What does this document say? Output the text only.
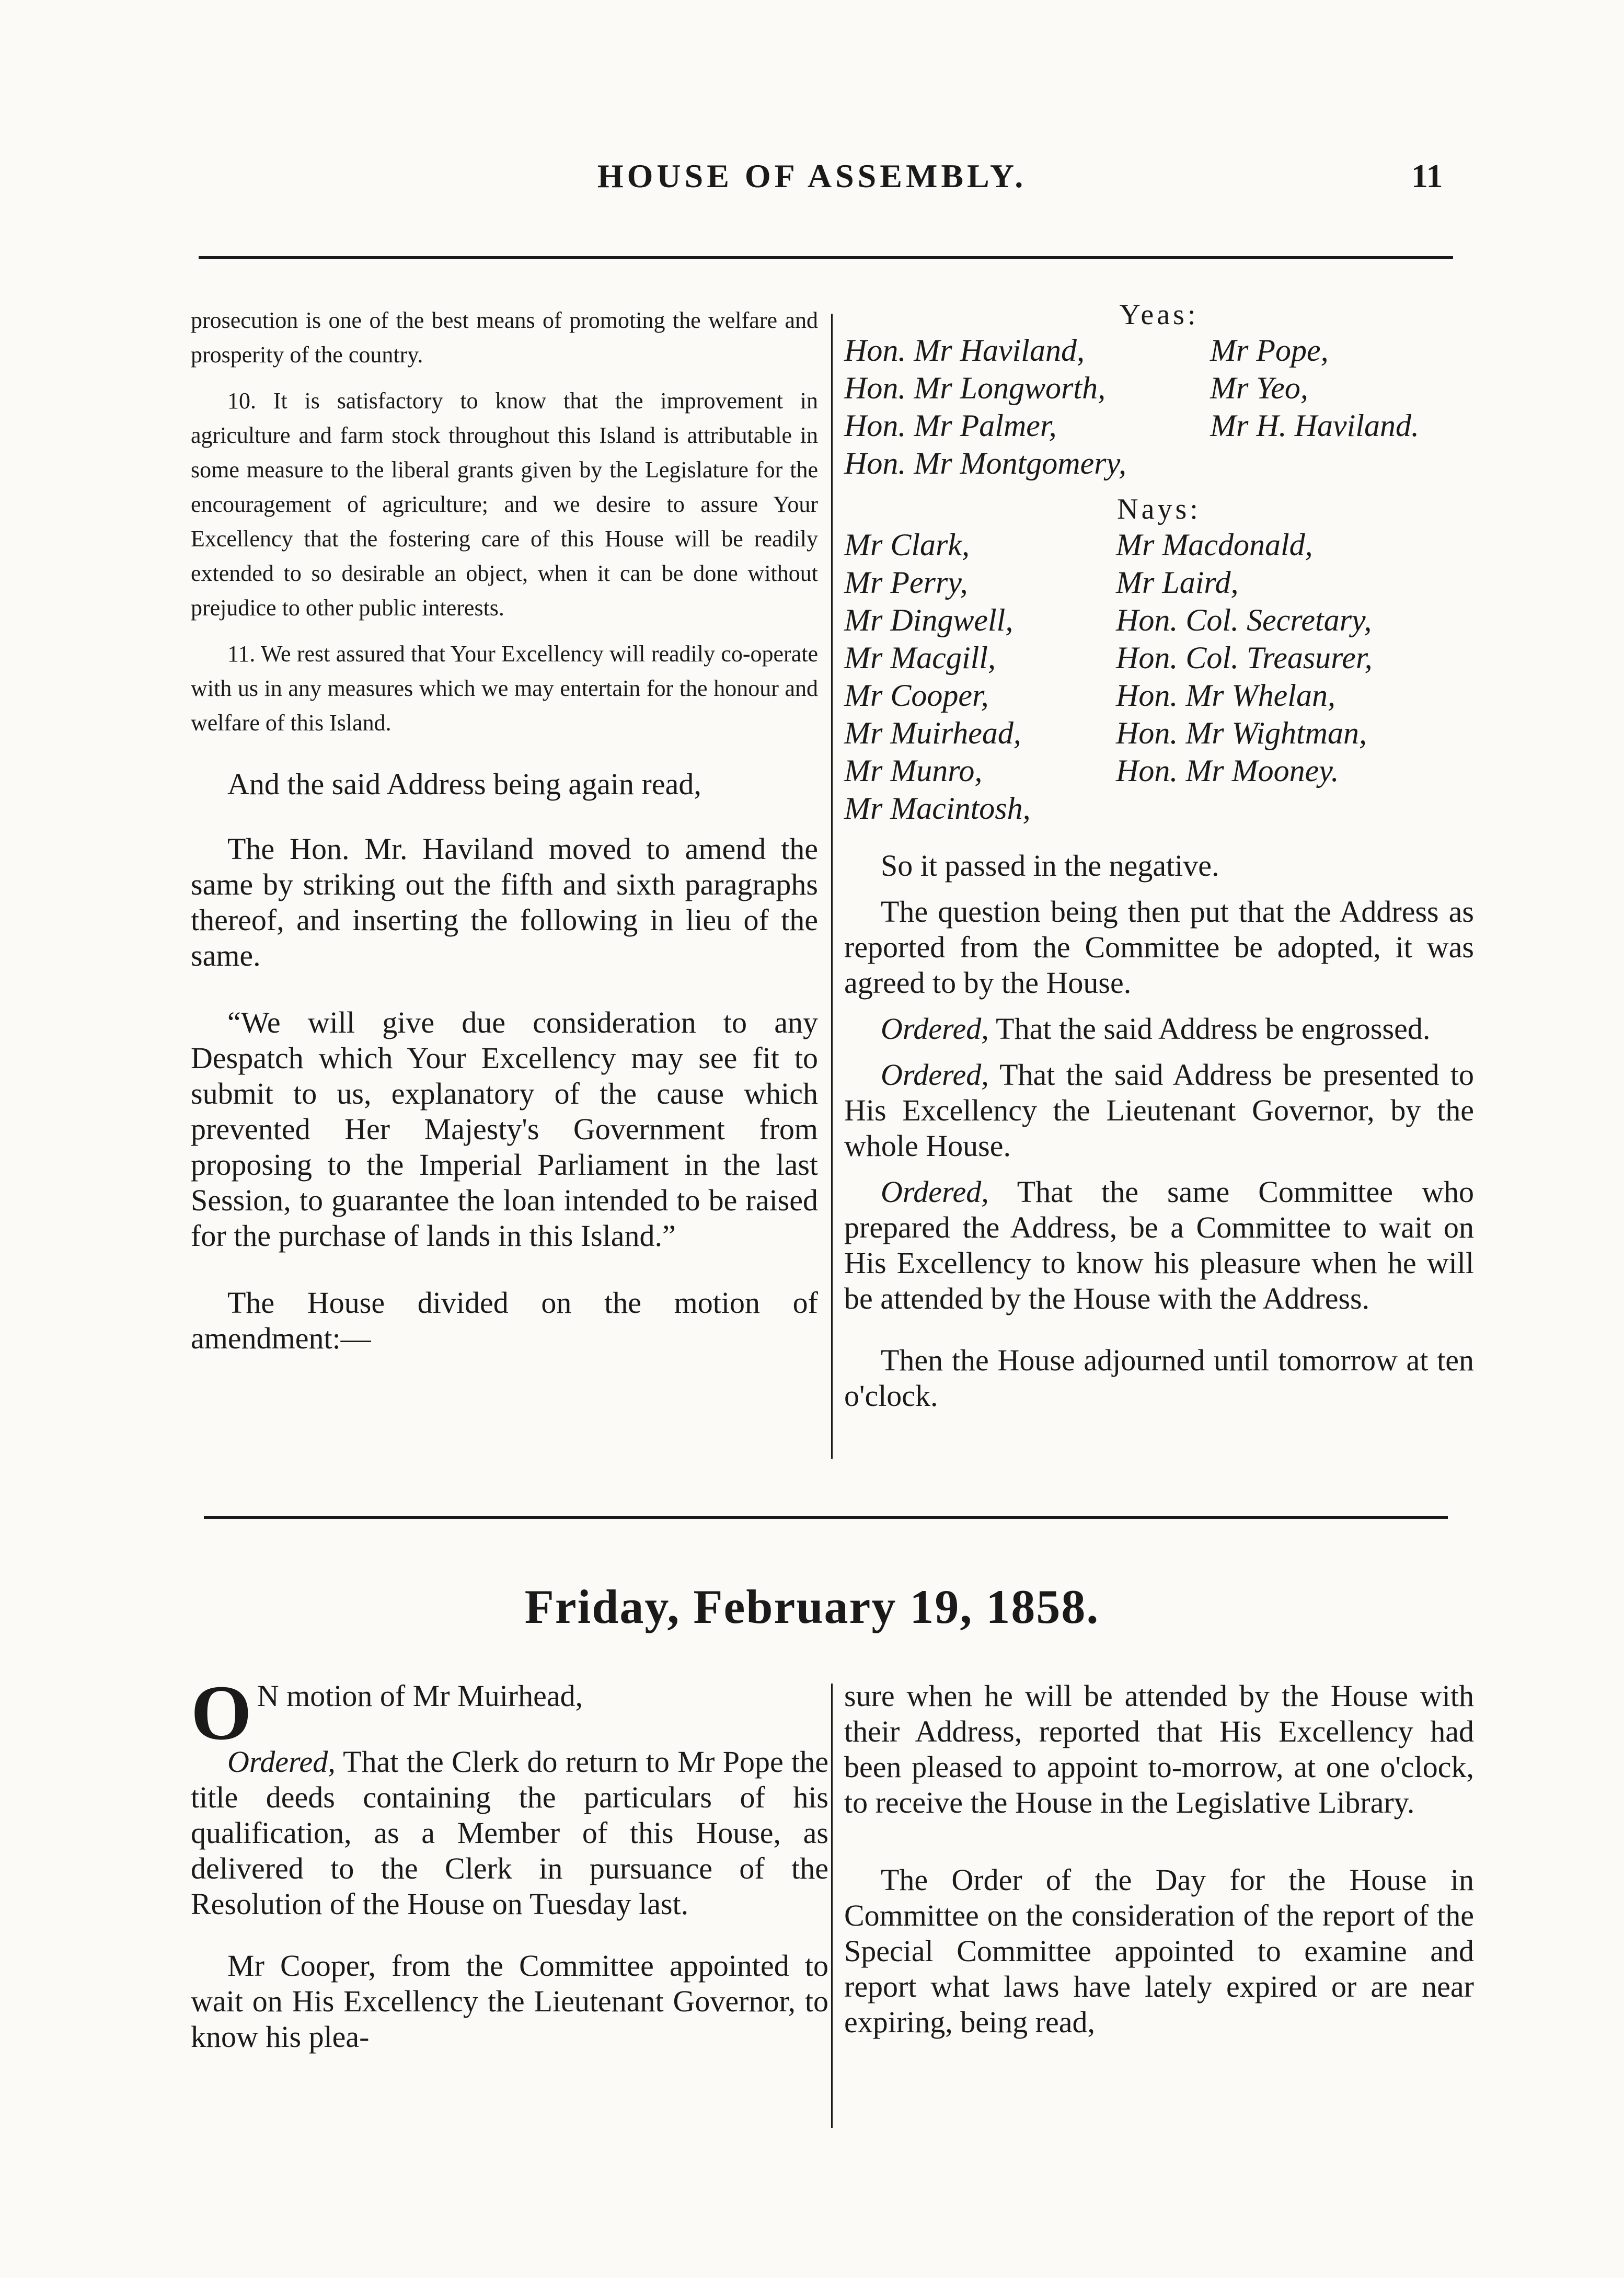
HOUSE OF ASSEMBLY.	11

prosecution is one of the best means of promoting the welfare and prosperity of the country.

10. It is satisfactory to know that the improvement in agriculture and farm stock throughout this Island is attributable in some measure to the liberal grants given by the Legislature for the encouragement of agriculture; and we desire to assure Your Excellency that the fostering care of this House will be readily extended to so desirable an object, when it can be done without prejudice to other public interests.

11. We rest assured that Your Excellency will readily co-operate with us in any measures which we may entertain for the honour and welfare of this Island.

And the said Address being again read,

The Hon. Mr. Haviland moved to amend the same by striking out the fifth and sixth paragraphs thereof, and inserting the following in lieu of the same.

“We will give due consideration to any Despatch which Your Excellency may see fit to submit to us, explanatory of the cause which prevented Her Majesty's Government from proposing to the Imperial Parliament in the last Session, to guarantee the loan intended to be raised for the purchase of lands in this Island.”

The House divided on the motion of amendment:—

Yeas:
Hon. Mr Haviland,	Mr Pope,
Hon. Mr Longworth,	Mr Yeo,
Hon. Mr Palmer,	Mr H. Haviland.
Hon. Mr Montgomery,
Nays:
Mr Clark,	Mr Macdonald,
Mr Perry,	Mr Laird,
Mr Dingwell,	Hon. Col. Secretary,
Mr Macgill,	Hon. Col. Treasurer,
Mr Cooper,	Hon. Mr Whelan,
Mr Muirhead,	Hon. Mr Wightman,
Mr Munro,	Hon. Mr Mooney.
Mr Macintosh,

So it passed in the negative.

The question being then put that the Address as reported from the Committee be adopted, it was agreed to by the House.

Ordered, That the said Address be engrossed.

Ordered, That the said Address be presented to His Excellency the Lieutenant Governor, by the whole House.

Ordered, That the same Committee who prepared the Address, be a Committee to wait on His Excellency to know his pleasure when he will be attended by the House with the Address.

Then the House adjourned until tomorrow at ten o'clock.

Friday, February 19, 1858.

O N motion of Mr Muirhead,

Ordered, That the Clerk do return to Mr Pope the title deeds containing the particulars of his qualification, as a Member of this House, as delivered to the Clerk in pursuance of the Resolution of the House on Tuesday last.

Mr Cooper, from the Committee appointed to wait on His Excellency the Lieutenant Governor, to know his plea-

sure when he will be attended by the House with their Address, reported that His Excellency had been pleased to appoint to-morrow, at one o'clock, to receive the House in the Legislative Library.

The Order of the Day for the House in Committee on the consideration of the report of the Special Committee appointed to examine and report what laws have lately expired or are near expiring, being read,
